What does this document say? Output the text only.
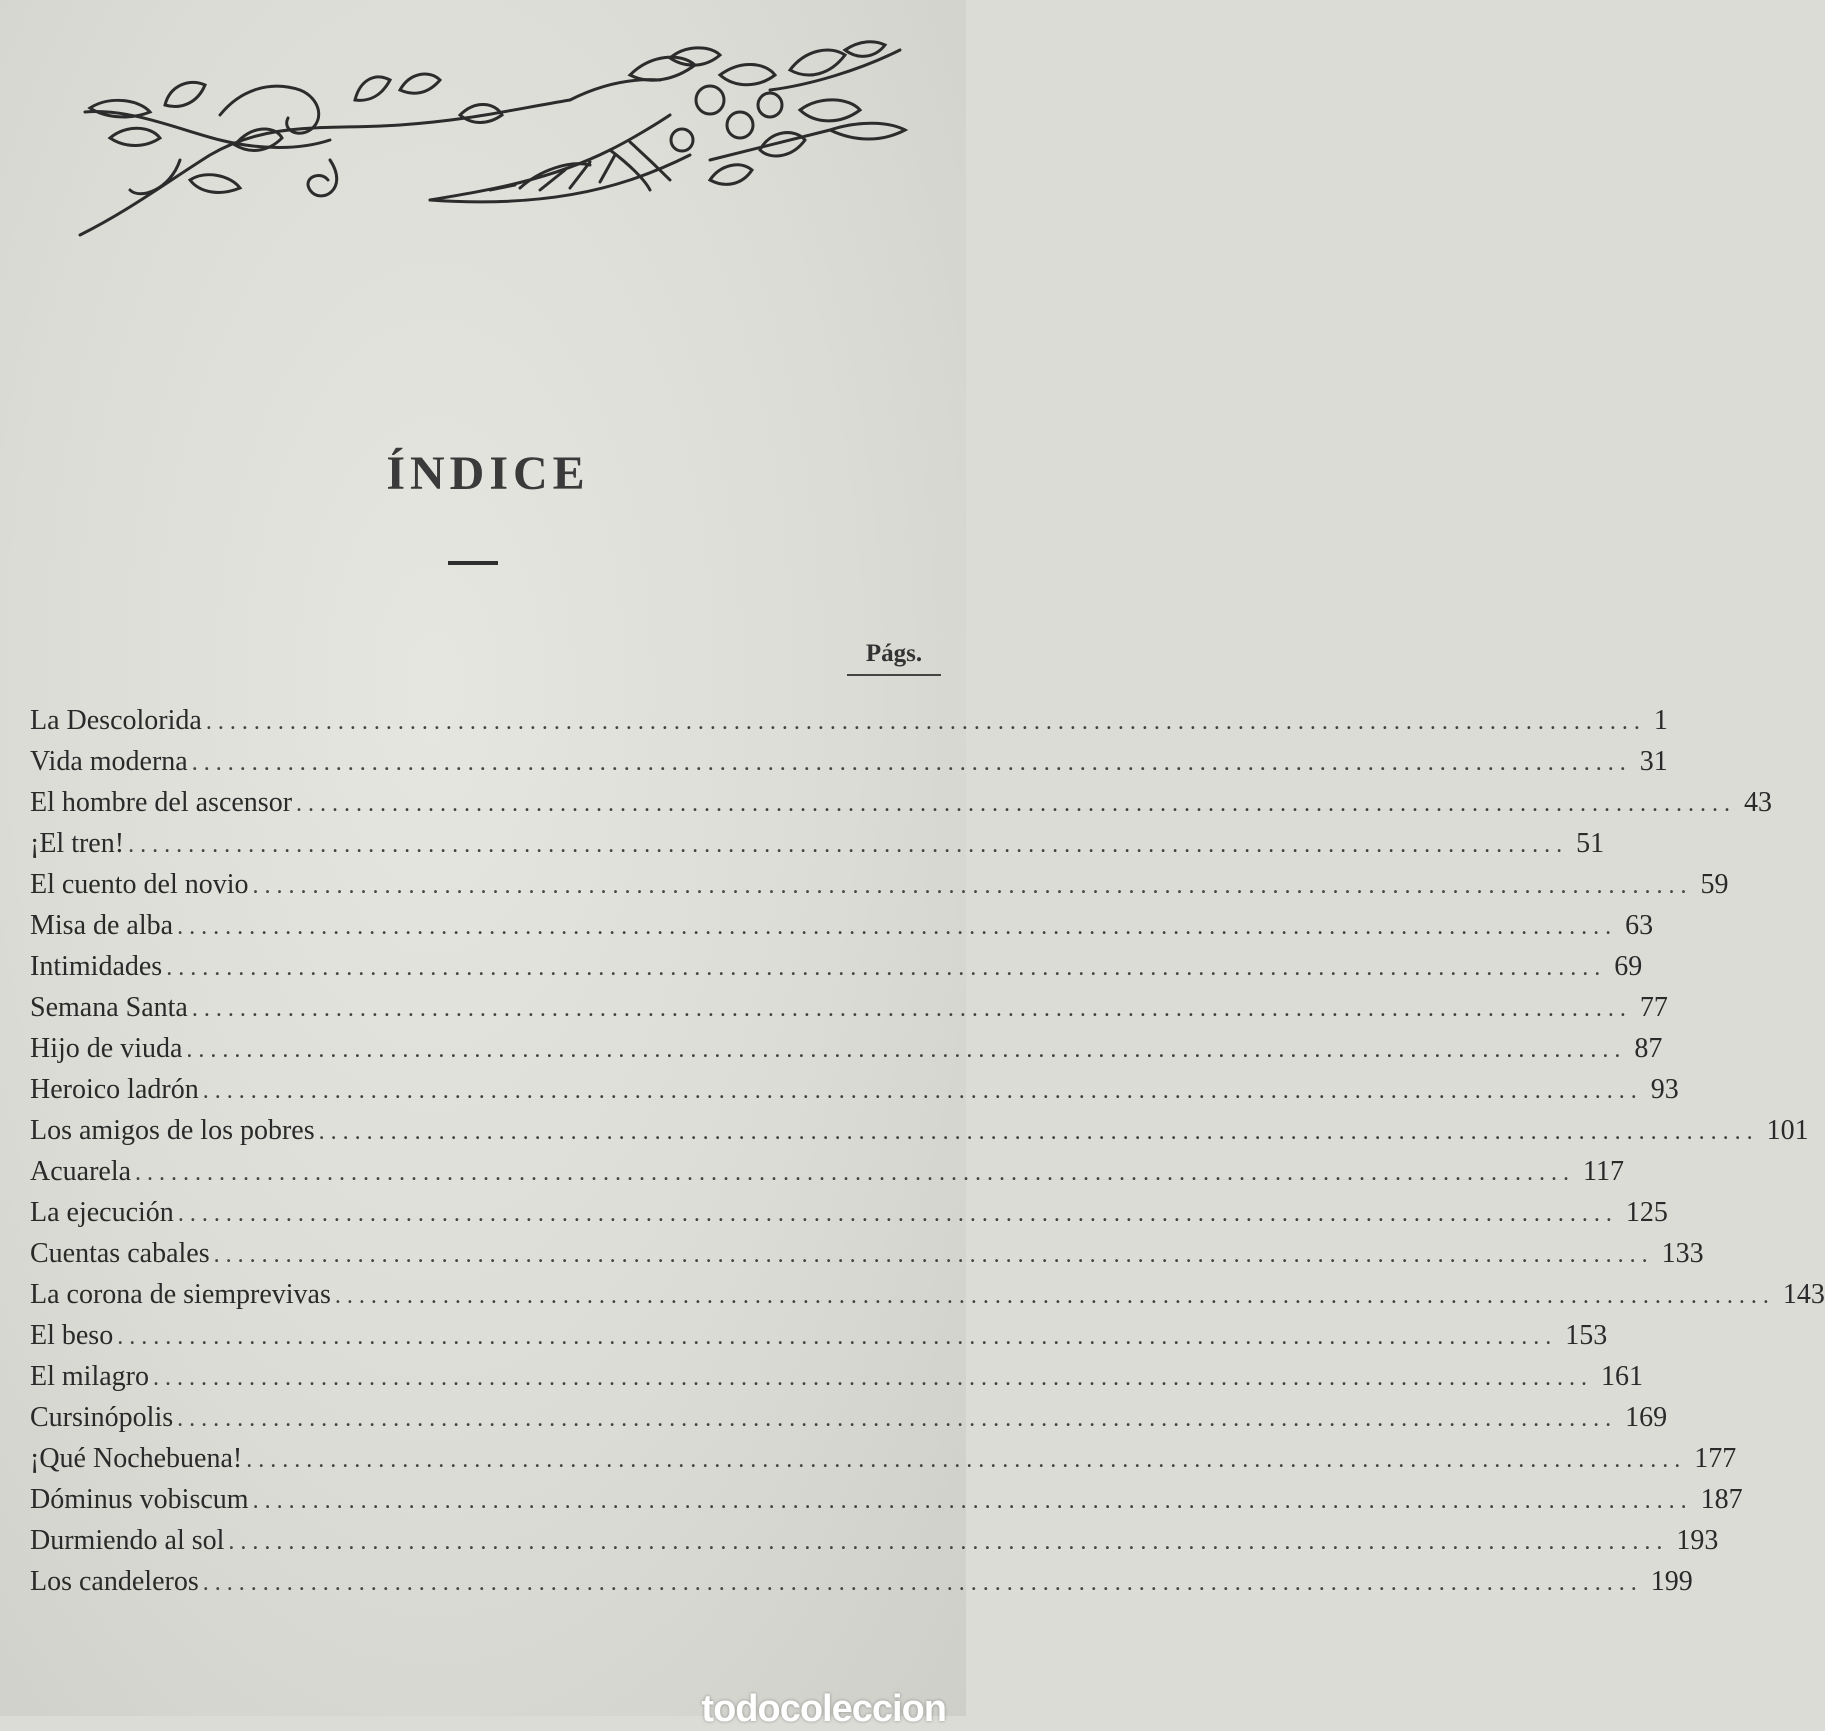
ÍNDICE
Págs.
La Descolorida ........................................................................................................................ 1
Vida moderna ........................................................................................................................ 31
El hombre del ascensor ........................................................................................................................ 43
¡El tren! ........................................................................................................................ 51
El cuento del novio ........................................................................................................................ 59
Misa de alba ........................................................................................................................ 63
Intimidades ........................................................................................................................ 69
Semana Santa ........................................................................................................................ 77
Hijo de viuda ........................................................................................................................ 87
Heroico ladrón ........................................................................................................................ 93
Los amigos de los pobres ........................................................................................................................ 101
Acuarela ........................................................................................................................ 117
La ejecución ........................................................................................................................ 125
Cuentas cabales ........................................................................................................................ 133
La corona de siemprevivas ........................................................................................................................ 143
El beso ........................................................................................................................ 153
El milagro ........................................................................................................................ 161
Cursinópolis ........................................................................................................................ 169
¡Qué Nochebuena! ........................................................................................................................ 177
Dóminus vobiscum ........................................................................................................................ 187
Durmiendo al sol ........................................................................................................................ 193
Los candeleros ........................................................................................................................ 199
todocoleccion
